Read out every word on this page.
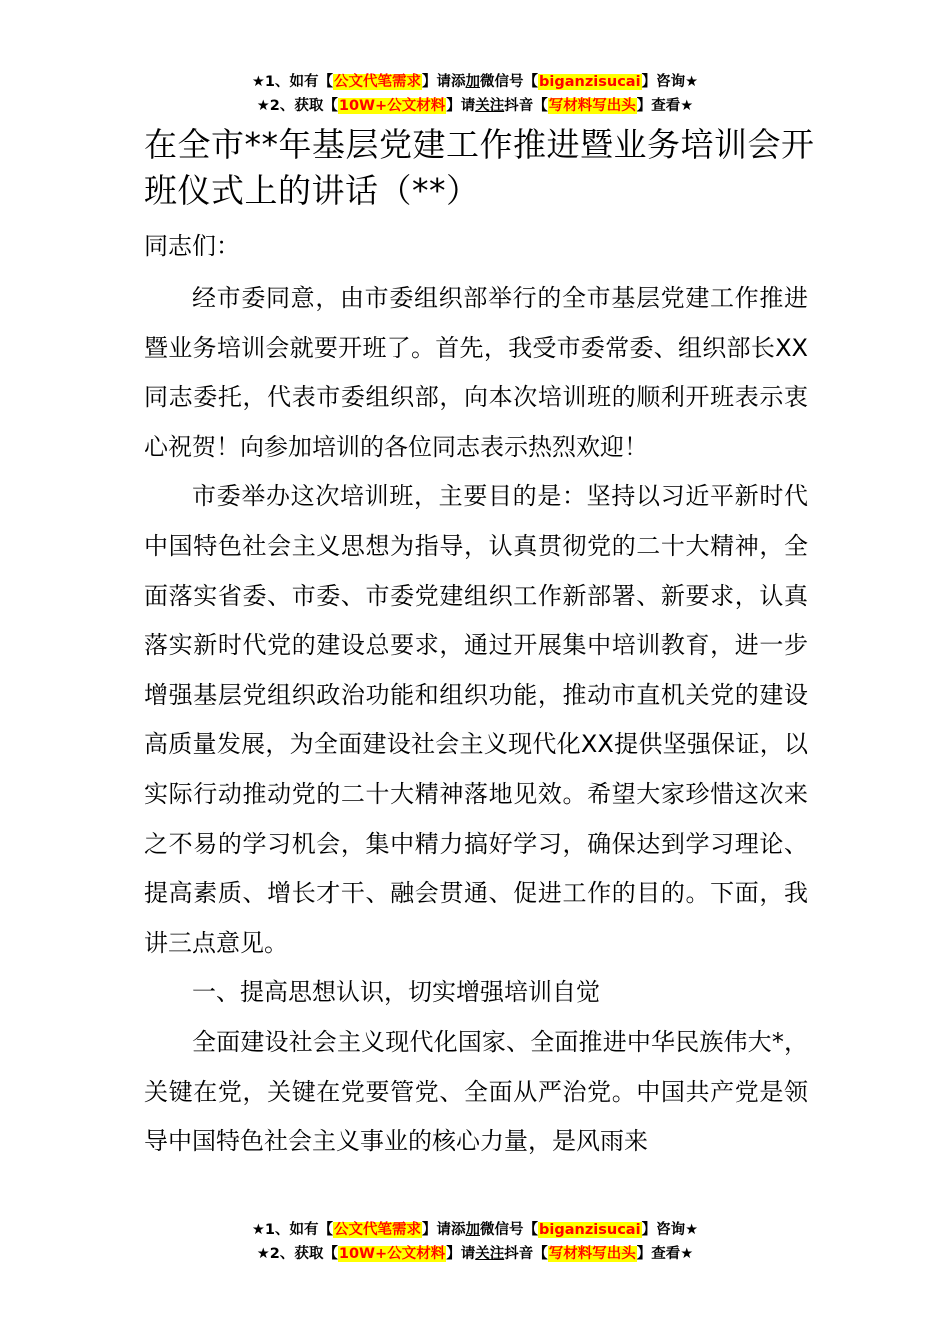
★1、如有【公文代笔需求】请添加微信号【biganzisucai】咨询★
★2、获取【10W+公文材料】请关注抖音【写材料写出头】查看★
在全市**年基层党建工作推进暨业务培训会开班仪式上的讲话（**）

同志们：

经市委同意，由市委组织部举行的全市基层党建工作推进暨业务培训会就要开班了。首先，我受市委常委、组织部长XX同志委托，代表市委组织部，向本次培训班的顺利开班表示衷心祝贺！向参加培训的各位同志表示热烈欢迎！

市委举办这次培训班，主要目的是：坚持以习近平新时代中国特色社会主义思想为指导，认真贯彻党的二十大精神，全面落实省委、市委、市委党建组织工作新部署、新要求，认真落实新时代党的建设总要求，通过开展集中培训教育，进一步增强基层党组织政治功能和组织功能，推动市直机关党的建设高质量发展，为全面建设社会主义现代化XX提供坚强保证，以实际行动推动党的二十大精神落地见效。希望大家珍惜这次来之不易的学习机会，集中精力搞好学习，确保达到学习理论、提高素质、增长才干、融会贯通、促进工作的目的。下面，我讲三点意见。

一、提高思想认识，切实增强培训自觉

全面建设社会主义现代化国家、全面推进中华民族伟大*，关键在党，关键在党要管党、全面从严治党。中国共产党是领导中国特色社会主义事业的核心力量，是风雨来

★1、如有【公文代笔需求】请添加微信号【biganzisucai】咨询★
★2、获取【10W+公文材料】请关注抖音【写材料写出头】查看★
